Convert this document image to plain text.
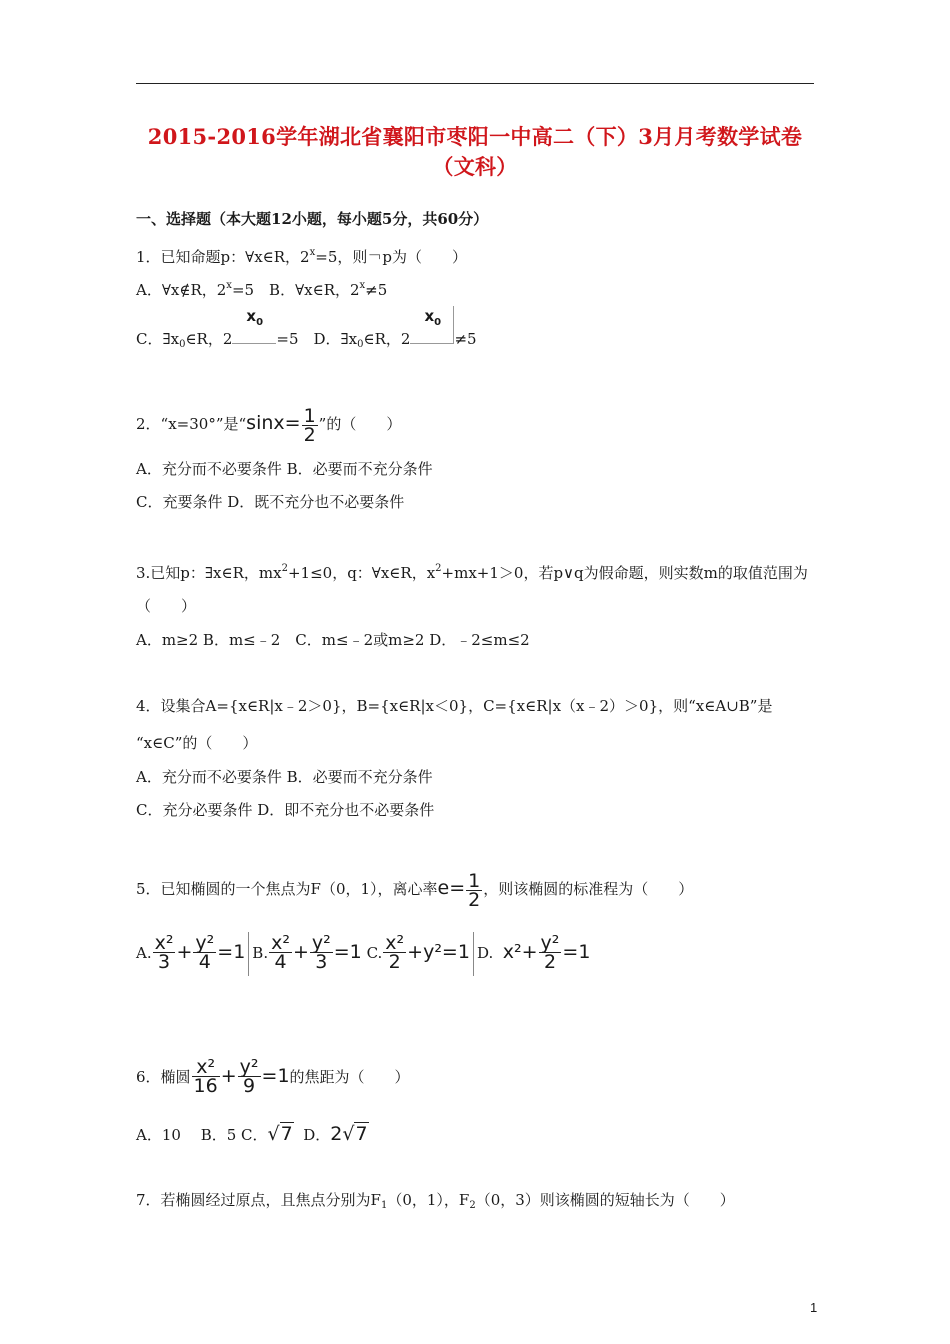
2015-2016学年湖北省襄阳市枣阳一中高二（下）3月月考数学试卷（文科）
一、选择题（本大题12小题，每小题5分，共60分）
1．已知命题p：∀x∈R，$2^x=5$，则￢p为（　　）
A．∀x∉R，$2^x=5$　B．∀x∈R，$2^x\ne 5$
C．$\exists x_0\in R$，2
$x_0$
=5　D．$\exists x_0\in R$，2
$x_0$
≠5
2．“x=30°”是“$\sin x= \frac{1}{2}$ ”的（　　）
A．充分而不必要条件 B．必要而不充分条件
C．充要条件 D．既不充分也不必要条件
3.已知p：∃x∈R，$mx^2+1\le 0$，q：∀x∈R，$x^2+mx+1>0$，若p∨q为假命题，则实数m的取值范围为
（　　）
A．m≥2 B．m≤﹣2　C．m≤﹣2或m≥2 D．﹣2≤m≤2
4．设集合A={x∈R|x﹣2＞0}，B={x∈R|x＜0}，C={x∈R|x（x﹣2）＞0}，则“x∈A∪B”是
“x∈C”的（　　）
A．充分而不必要条件 B．必要而不充分条件
C．充分必要条件 D．即不充分也不必要条件
5．已知椭圆的一个焦点为F（0，1），离心率$e= \frac{1}{2}$ ，则该椭圆的标准程为（　　）
A. $\frac{\text{x²}}{3} + \frac{\text{y²}}{4} =1$ B. $\frac{\text{x²}}{4} + \frac{\text{y²}}{3} =1$ C. $\frac{\text{x²}}{2} +y^2=1$ D. $x^2+ \frac{\text{y²}}{2} =1$
6．椭圆 $\frac{\text{x²}}{16} + \frac{\text{y²}}{9} =1$的焦距为（　　）
A．10　 B．5 C．√7 D．2√7
7．若椭圆经过原点，且焦点分别为$F_1(0$，1），$F_2(0$，3）则该椭圆的短轴长为（　　）
1
